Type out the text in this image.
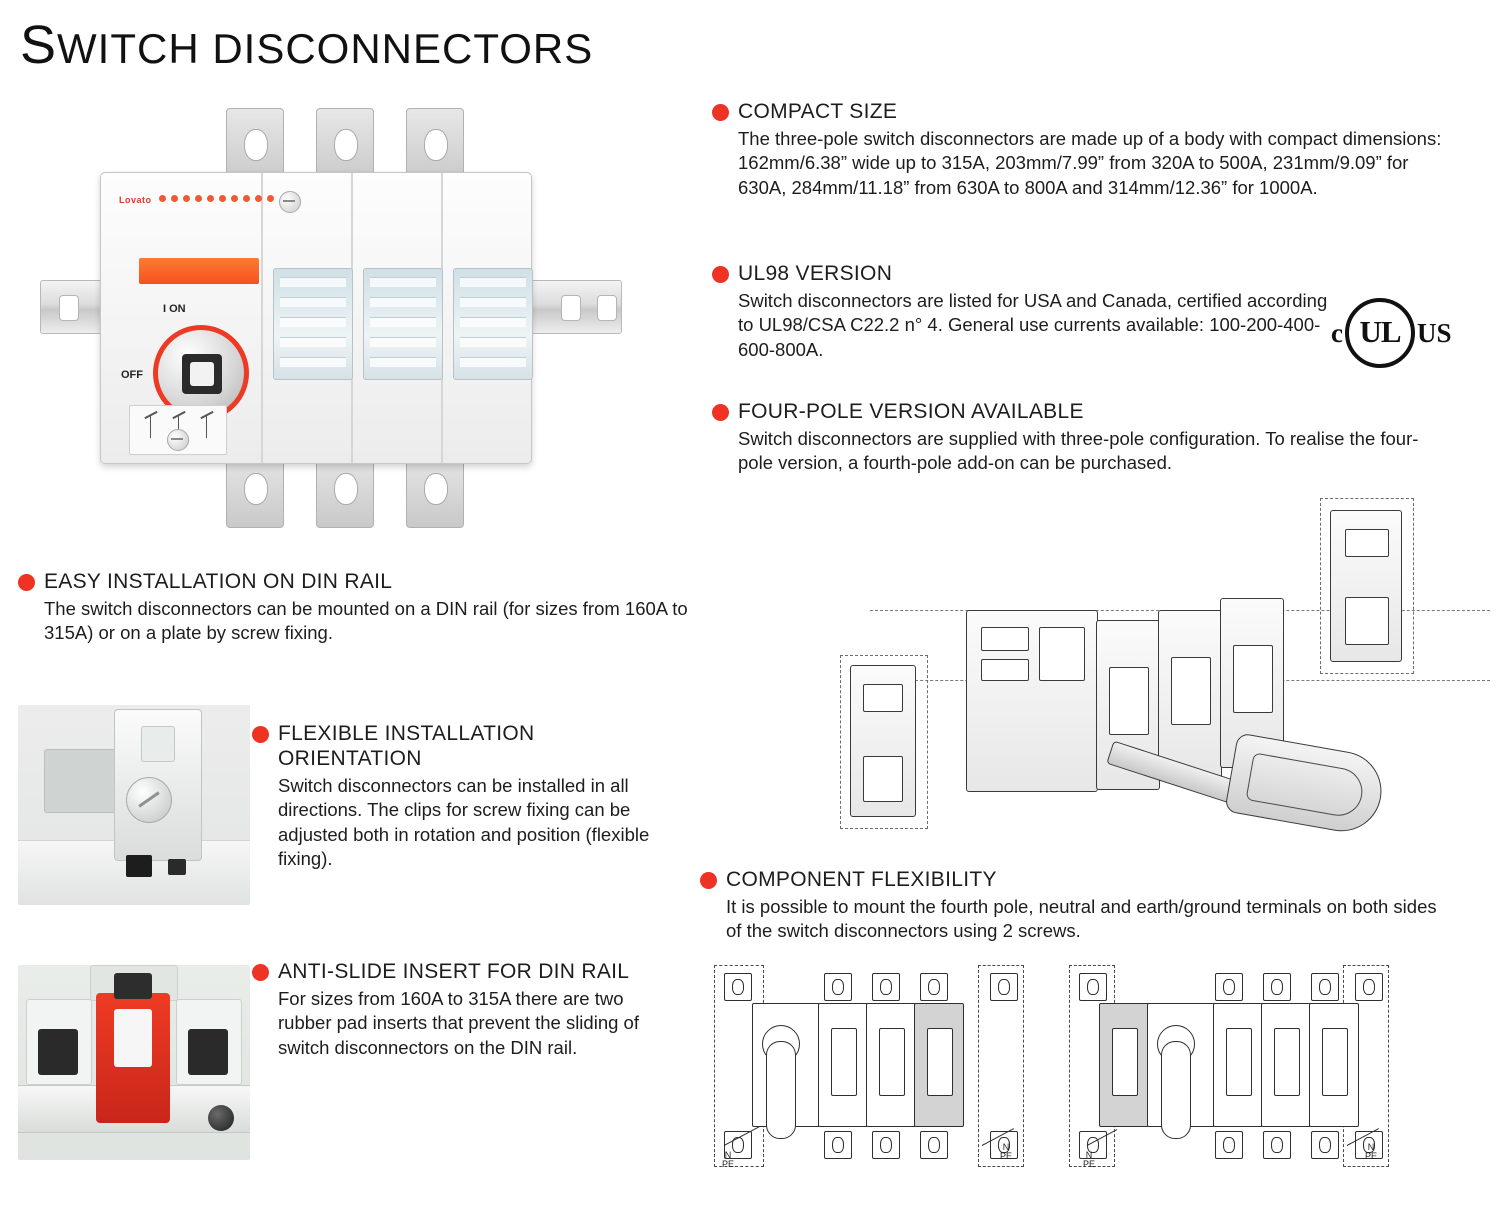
SWITCH DISCONNECTORS
Lovato
I ON
OFF
COMPACT SIZE
The three-pole switch disconnectors are made up of a body with compact dimensions: 162mm/6.38” wide up to 315A, 203mm/7.99” from 320A to 500A, 231mm/9.09” for 630A, 284mm/11.18” from 630A to 800A and 314mm/12.36” for 1000A.
UL98 VERSION
Switch disconnectors are listed for USA and Canada, certified according to UL98/CSA C22.2 n° 4. General use currents available: 100-200-400-600-800A.
c UL US
FOUR-POLE VERSION AVAILABLE
Switch disconnectors are supplied with three-pole configuration. To realise the four-pole version, a fourth-pole add-on can be purchased.
EASY INSTALLATION ON DIN RAIL
The switch disconnectors can be mounted on a DIN rail (for sizes from 160A to 315A) or on a plate by screw fixing.
FLEXIBLE INSTALLATION ORIENTATION
Switch disconnectors can be installed in all directions. The clips for screw fixing can be adjusted both in rotation and position (flexible fixing).
ANTI-SLIDE INSERT FOR DIN RAIL
For sizes from 160A to 315A there are two rubber pad inserts that prevent the sliding of switch disconnectors on the DIN rail.
COMPONENT FLEXIBILITY
It is possible to mount the fourth pole, neutral and earth/ground terminals on both sides of the switch disconnectors using 2 screws.
N
PE
N
PE	N
PE
N
PE
